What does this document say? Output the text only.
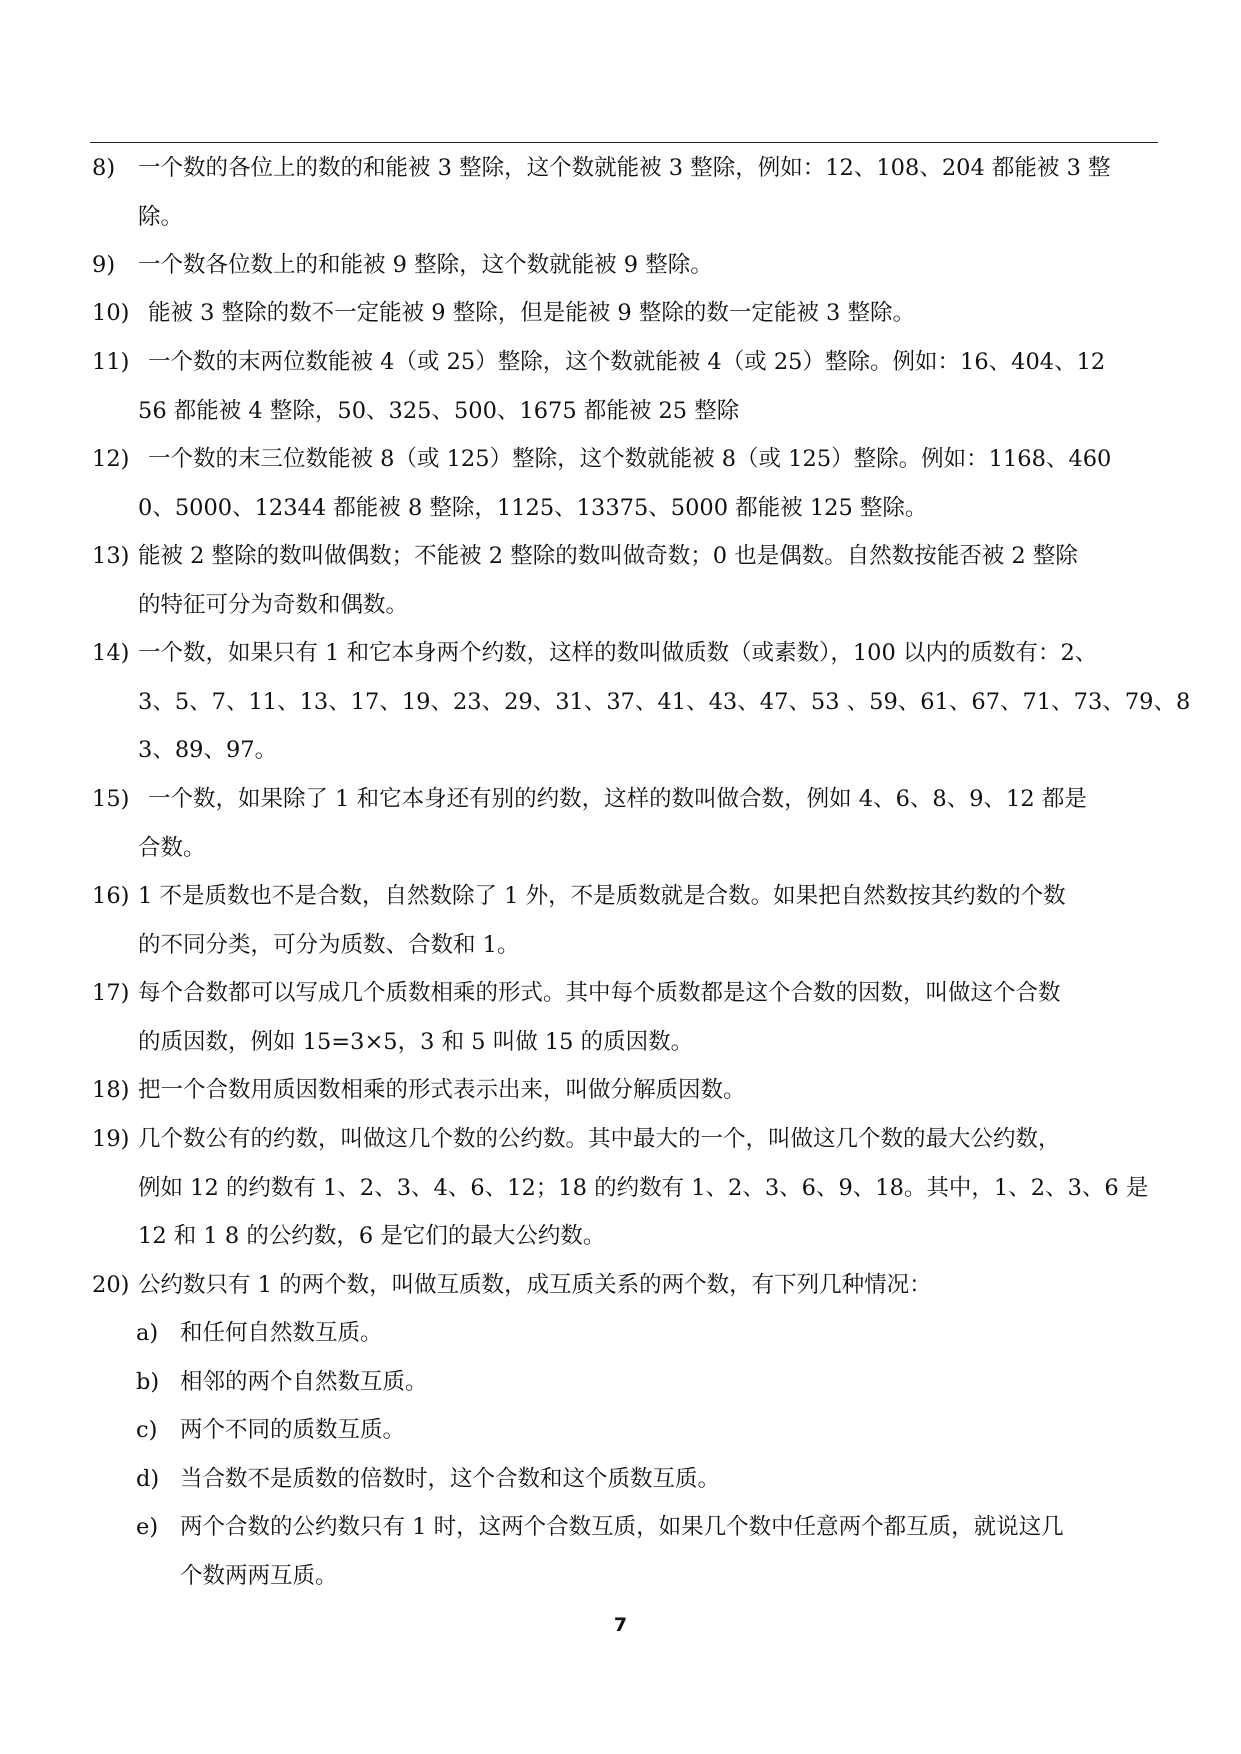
8) 一个数的各位上的数的和能被 3 整除，这个数就能被 3 整除，例如：12、108、204 都能被 3 整
除。
9) 一个数各位数上的和能被 9 整除，这个数就能被 9 整除。
10) 能被 3 整除的数不一定能被 9 整除，但是能被 9 整除的数一定能被 3 整除。
11) 一个数的末两位数能被 4（或 25）整除，这个数就能被 4（或 25）整除。例如：16、404、12
56 都能被 4 整除，50、325、500、1675 都能被 25 整除
12) 一个数的末三位数能被 8（或 125）整除，这个数就能被 8（或 125）整除。例如：1168、460
0、5000、12344 都能被 8 整除，1125、13375、5000 都能被 125 整除。
13) 能被 2 整除的数叫做偶数；不能被 2 整除的数叫做奇数；0 也是偶数。自然数按能否被 2 整除
的特征可分为奇数和偶数。
14) 一个数，如果只有 1 和它本身两个约数，这样的数叫做质数（或素数），100 以内的质数有：2、
3、5、7、11、13、17、19、23、29、31、37、41、43、47、53 、59、61、67、71、73、79、8
3、89、97。
15) 一个数，如果除了 1 和它本身还有别的约数，这样的数叫做合数，例如 4、6、8、9、12 都是
合数。
16) 1 不是质数也不是合数，自然数除了 1 外，不是质数就是合数。如果把自然数按其约数的个数
的不同分类，可分为质数、合数和 1。
17) 每个合数都可以写成几个质数相乘的形式。其中每个质数都是这个合数的因数，叫做这个合数
的质因数，例如 15=3×5，3 和 5 叫做 15 的质因数。
18) 把一个合数用质因数相乘的形式表示出来，叫做分解质因数。
19) 几个数公有的约数，叫做这几个数的公约数。其中最大的一个，叫做这几个数的最大公约数，
例如 12 的约数有 1、2、3、4、6、12；18 的约数有 1、2、3、6、9、18。其中，1、2、3、6 是
12 和 1 8 的公约数，6 是它们的最大公约数。
20) 公约数只有 1 的两个数，叫做互质数，成互质关系的两个数，有下列几种情况：
a) 和任何自然数互质。
b) 相邻的两个自然数互质。
c) 两个不同的质数互质。
d) 当合数不是质数的倍数时，这个合数和这个质数互质。
e) 两个合数的公约数只有 1 时，这两个合数互质，如果几个数中任意两个都互质，就说这几
个数两两互质。
7
